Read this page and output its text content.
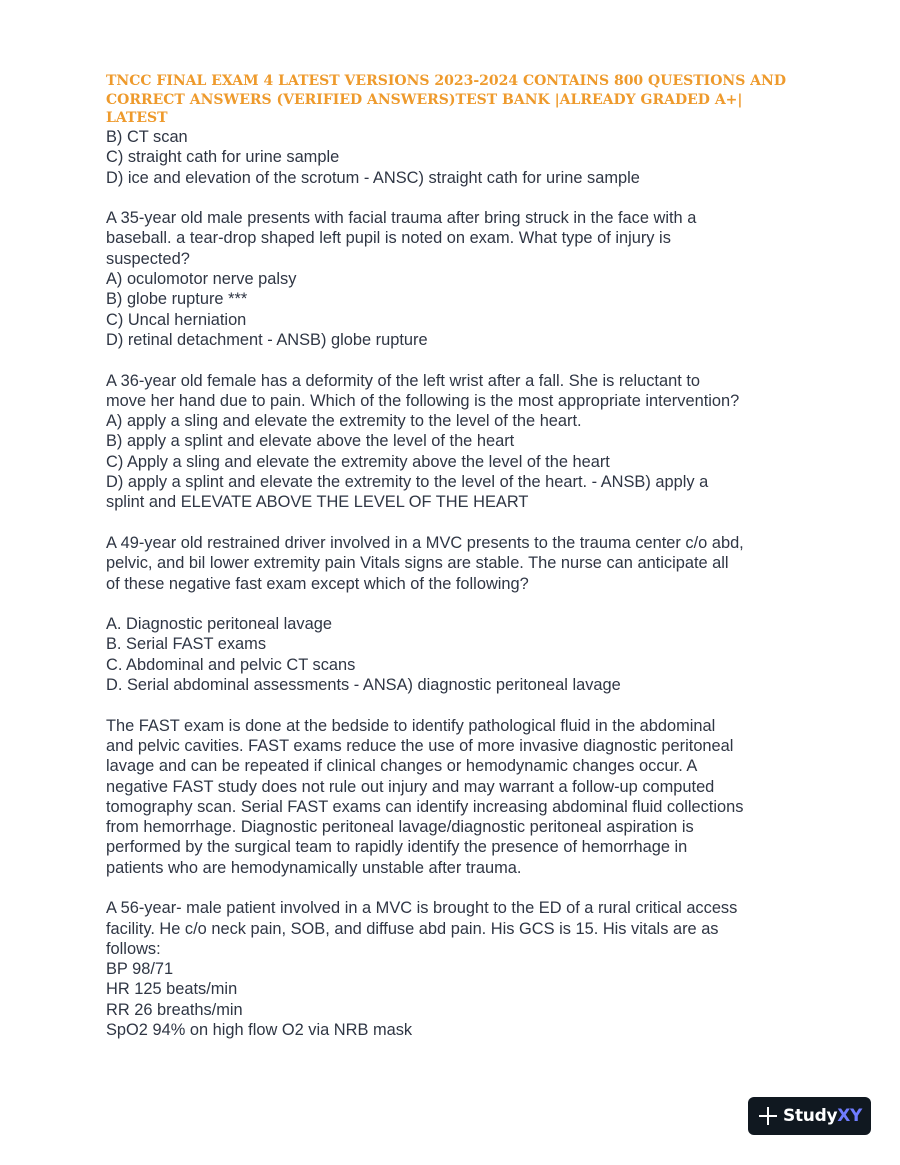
TNCC FINAL EXAM 4 LATEST VERSIONS 2023-2024 CONTAINS 800 QUESTIONS AND
CORRECT ANSWERS (VERIFIED ANSWERS)TEST BANK |ALREADY GRADED A+|
LATEST
B) CT scan
C) straight cath for urine sample
D) ice and elevation of the scrotum - ANSC) straight cath for urine sample
A 35-year old male presents with facial trauma after bring struck in the face with a
baseball. a tear-drop shaped left pupil is noted on exam. What type of injury is
suspected?
A) oculomotor nerve palsy
B) globe rupture ***
C) Uncal herniation
D) retinal detachment - ANSB) globe rupture
A 36-year old female has a deformity of the left wrist after a fall. She is reluctant to
move her hand due to pain. Which of the following is the most appropriate intervention?
A) apply a sling and elevate the extremity to the level of the heart.
B) apply a splint and elevate above the level of the heart
C) Apply a sling and elevate the extremity above the level of the heart
D) apply a splint and elevate the extremity to the level of the heart. - ANSB) apply a
splint and ELEVATE ABOVE THE LEVEL OF THE HEART
A 49-year old restrained driver involved in a MVC presents to the trauma center c/o abd,
pelvic, and bil lower extremity pain Vitals signs are stable. The nurse can anticipate all
of these negative fast exam except which of the following?
A. Diagnostic peritoneal lavage
B. Serial FAST exams
C. Abdominal and pelvic CT scans
D. Serial abdominal assessments - ANSA) diagnostic peritoneal lavage
The FAST exam is done at the bedside to identify pathological fluid in the abdominal
and pelvic cavities. FAST exams reduce the use of more invasive diagnostic peritoneal
lavage and can be repeated if clinical changes or hemodynamic changes occur. A
negative FAST study does not rule out injury and may warrant a follow-up computed
tomography scan. Serial FAST exams can identify increasing abdominal fluid collections
from hemorrhage. Diagnostic peritoneal lavage/diagnostic peritoneal aspiration is
performed by the surgical team to rapidly identify the presence of hemorrhage in
patients who are hemodynamically unstable after trauma.
A 56-year- male patient involved in a MVC is brought to the ED of a rural critical access
facility. He c/o neck pain, SOB, and diffuse abd pain. His GCS is 15. His vitals are as
follows:
BP 98/71
HR 125 beats/min
RR 26 breaths/min
SpO2 94% on high flow O2 via NRB mask
StudyXY
